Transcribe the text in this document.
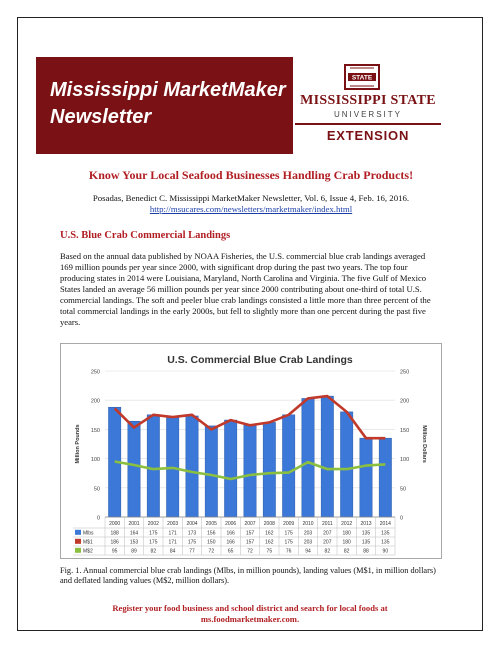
Mississippi MarketMaker
Newsletter
STATE
MISSISSIPPI STATE
UNIVERSITY
EXTENSION
Know Your Local Seafood Businesses Handling Crab Products!
Posadas, Benedict C. Mississippi MarketMaker Newsletter, Vol. 6, Issue 4, Feb. 16, 2016.
http://msucares.com/newsletters/marketmaker/index.html
U.S. Blue Crab Commercial Landings
Based on the annual data published by NOAA Fisheries, the U.S. commercial blue crab landings averaged 169 million pounds per year since 2000, with significant drop during the past two years. The top four producing states in 2014 were Louisiana, Maryland, North Carolina and Virginia. The five Gulf of Mexico States landed an average 56 million pounds per year since 2000 contributing about one-third of total U.S. commercial landings. The soft and peeler blue crab landings consisted a little more than three percent of the total commercial landings in the early 2000s, but fell to slightly more than one percent during the past five years.
U.S. Commercial Blue Crab Landings
0
50
100
150
200
250
0
50
100
150
200
250
Million Pounds	Million Dollars
2000 2001 2002 2003 2004 2005 2006 2007 2008 2009 2010 2011 2012 2013 2014
Mlbs	188 164 175 171 173 156 166 157 162 175 203 207 180 135 135
M$1	186 153 175 171 175 150 166 157 162 175 203 207 180 135 135
M$2	95	89	82	84	77	72	65	72	75	76	94	82	82	88	90
Fig. 1. Annual commercial blue crab landings (Mlbs, in million pounds), landing values (M$1, in million dollars) and deflated landing values (M$2, million dollars).
Register your food business and school district and search for local foods at
ms.foodmarketmaker.com.
